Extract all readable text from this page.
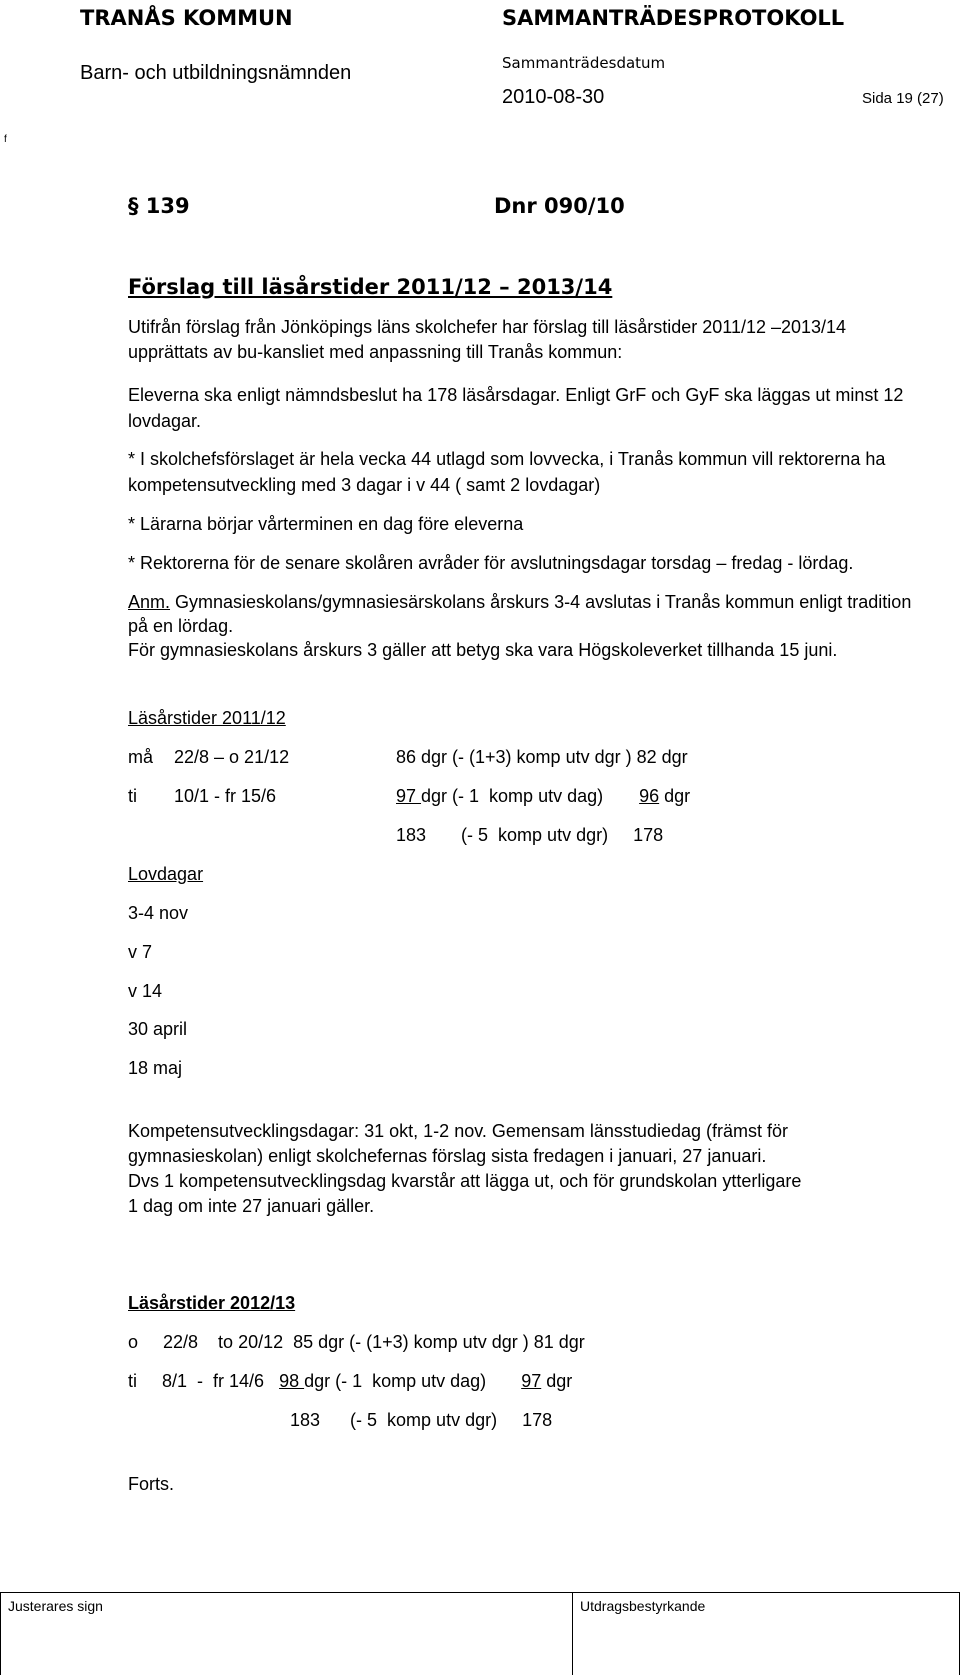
TRANÅS KOMMUN	SAMMANTRÄDESPROTOKOLL
Barn- och utbildningsnämnden	Sammanträdesdatum
2010-08-30	Sida 19 (27)
f
§ 139	Dnr 090/10
Förslag till läsårstider 2011/12 – 2013/14
Utifrån förslag från Jönköpings läns skolchefer har förslag till läsårstider 2011/12 –2013/14
upprättats av bu-kansliet med anpassning till Tranås kommun:
Eleverna ska enligt nämndsbeslut ha 178 läsårsdagar. Enligt GrF och GyF ska läggas ut minst 12
lovdagar.
* I skolchefsförslaget är hela vecka 44 utlagd som lovvecka, i Tranås kommun vill rektorerna ha
kompetensutveckling med 3 dagar i v 44 ( samt 2 lovdagar)
* Lärarna börjar vårterminen en dag före eleverna
* Rektorerna för de senare skolåren avråder för avslutningsdagar torsdag – fredag - lördag.
Anm. Gymnasieskolans/gymnasiesärskolans årskurs 3-4 avslutas i Tranås kommun enligt tradition
på en lördag.
För gymnasieskolans årskurs 3 gäller att betyg ska vara Högskoleverket tillhanda 15 juni.
Läsårstider 2011/12
må 22/8 – o 21/12	86 dgr (- (1+3) komp utv dgr ) 82 dgr
ti 10/1 - fr 15/6	97 dgr (- 1  komp utv dag) 96 dgr
183       (- 5  komp utv dgr)     178
Lovdagar
3-4 nov
v 7
v 14
30 april
18 maj
Kompetensutvecklingsdagar: 31 okt, 1-2 nov. Gemensam länsstudiedag (främst för
gymnasieskolan) enligt skolchefernas förslag sista fredagen i januari, 27 januari.
Dvs 1 kompetensutvecklingsdag kvarstår att lägga ut, och för grundskolan ytterligare
1 dag om inte 27 januari gäller.
Läsårstider 2012/13
o     22/8    to 20/12  85 dgr (- (1+3) komp utv dgr ) 81 dgr
ti     8/1  -  fr 14/6   98 dgr (- 1  komp utv dag)       97 dgr
183      (- 5  komp utv dgr)     178
Forts.
Justerares sign	Utdragsbestyrkande
